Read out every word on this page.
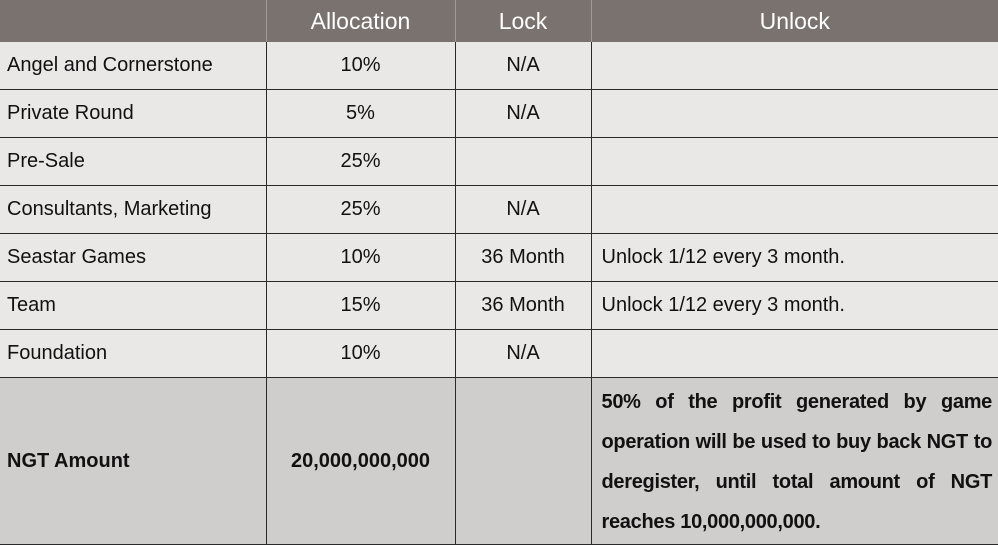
	Allocation	Lock	Unlock
Angel and Cornerstone	10%	N/A	
Private Round	5%	N/A	
Pre-Sale	25%		
Consultants, Marketing	25%	N/A	
Seastar Games	10%	36 Month	Unlock 1/12 every 3 month.
Team	15%	36 Month	Unlock 1/12 every 3 month.
Foundation	10%	N/A	
NGT Amount	20,000,000,000		50% of the profit generated by game operation will be used to buy back NGT to deregister, until total amount of NGT reaches 10,000,000,000.
